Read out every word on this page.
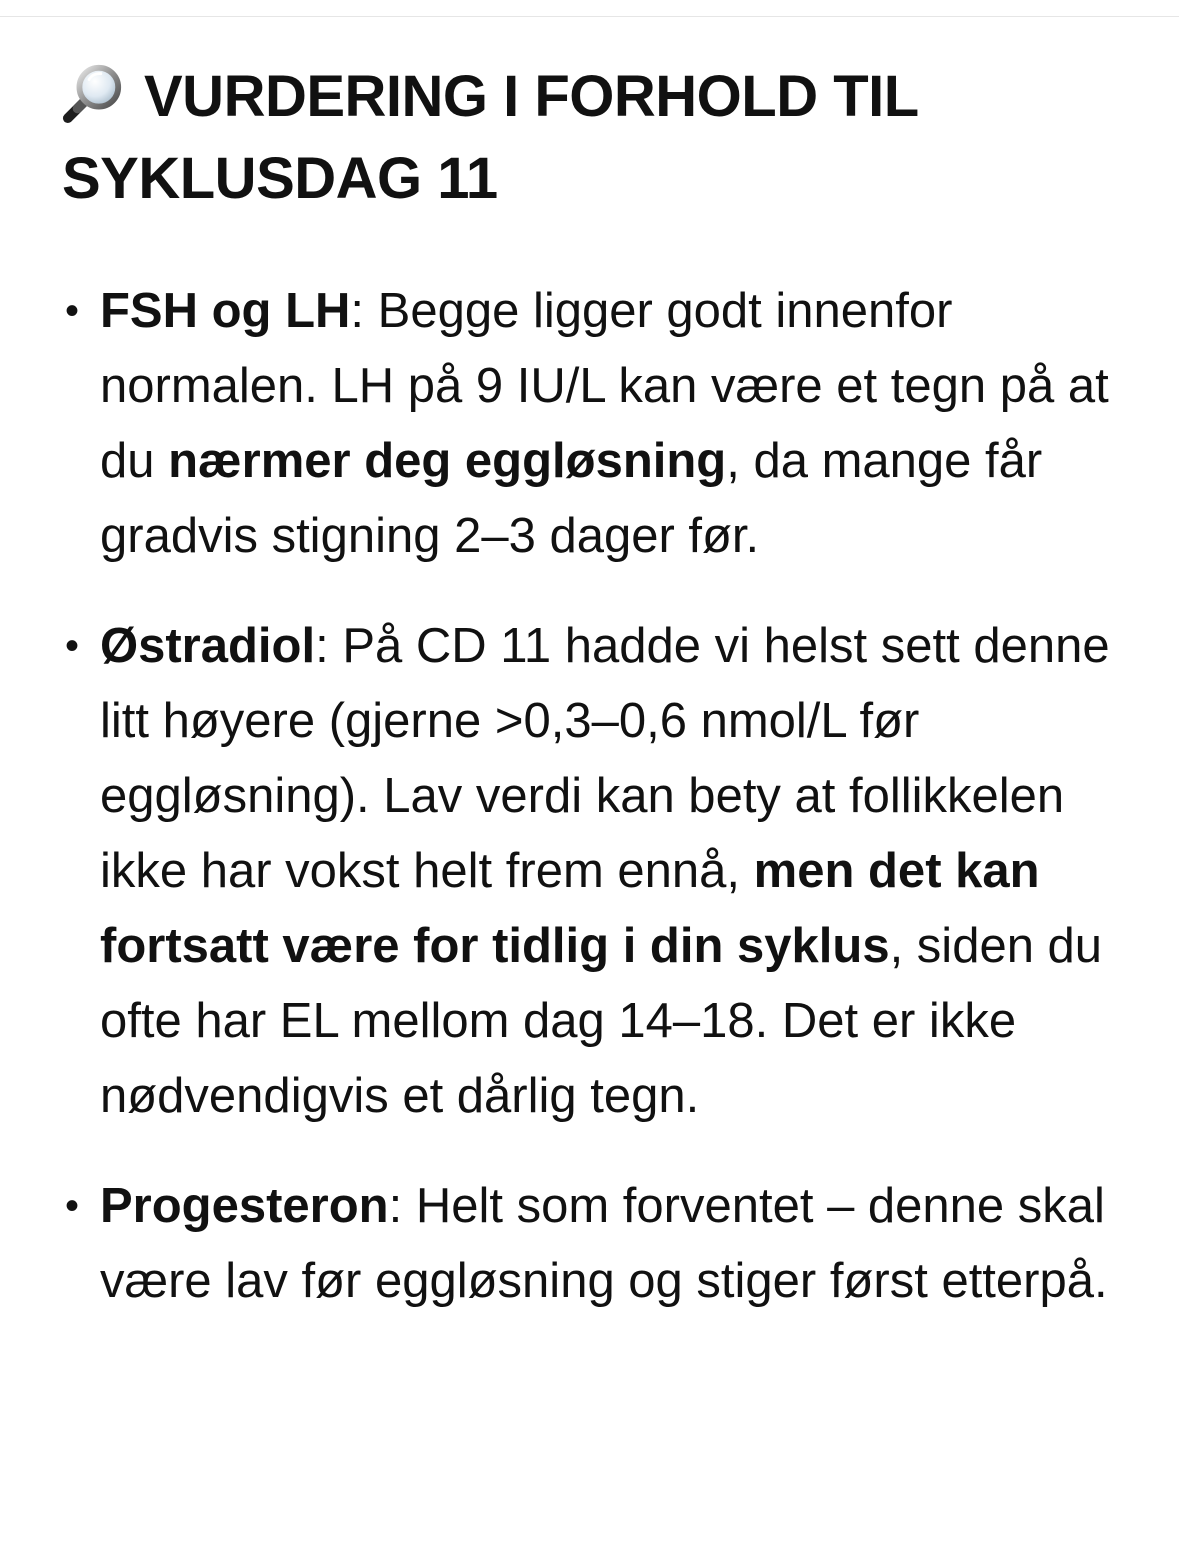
VURDERING I FORHOLD TIL SYKLUSDAG 11
• FSH og LH: Begge ligger godt innenfor normalen. LH på 9 IU/L kan være et tegn på at du nærmer deg eggløsning, da mange får gradvis stigning 2–3 dager før.
• Østradiol: På CD 11 hadde vi helst sett denne litt høyere (gjerne >0,3–0,6 nmol/L før eggløsning). Lav verdi kan bety at follikkelen ikke har vokst helt frem ennå, men det kan fortsatt være for tidlig i din syklus, siden du ofte har EL mellom dag 14–18. Det er ikke nødvendigvis et dårlig tegn.
• Progesteron: Helt som forventet – denne skal være lav før eggløsning og stiger først etterpå.
